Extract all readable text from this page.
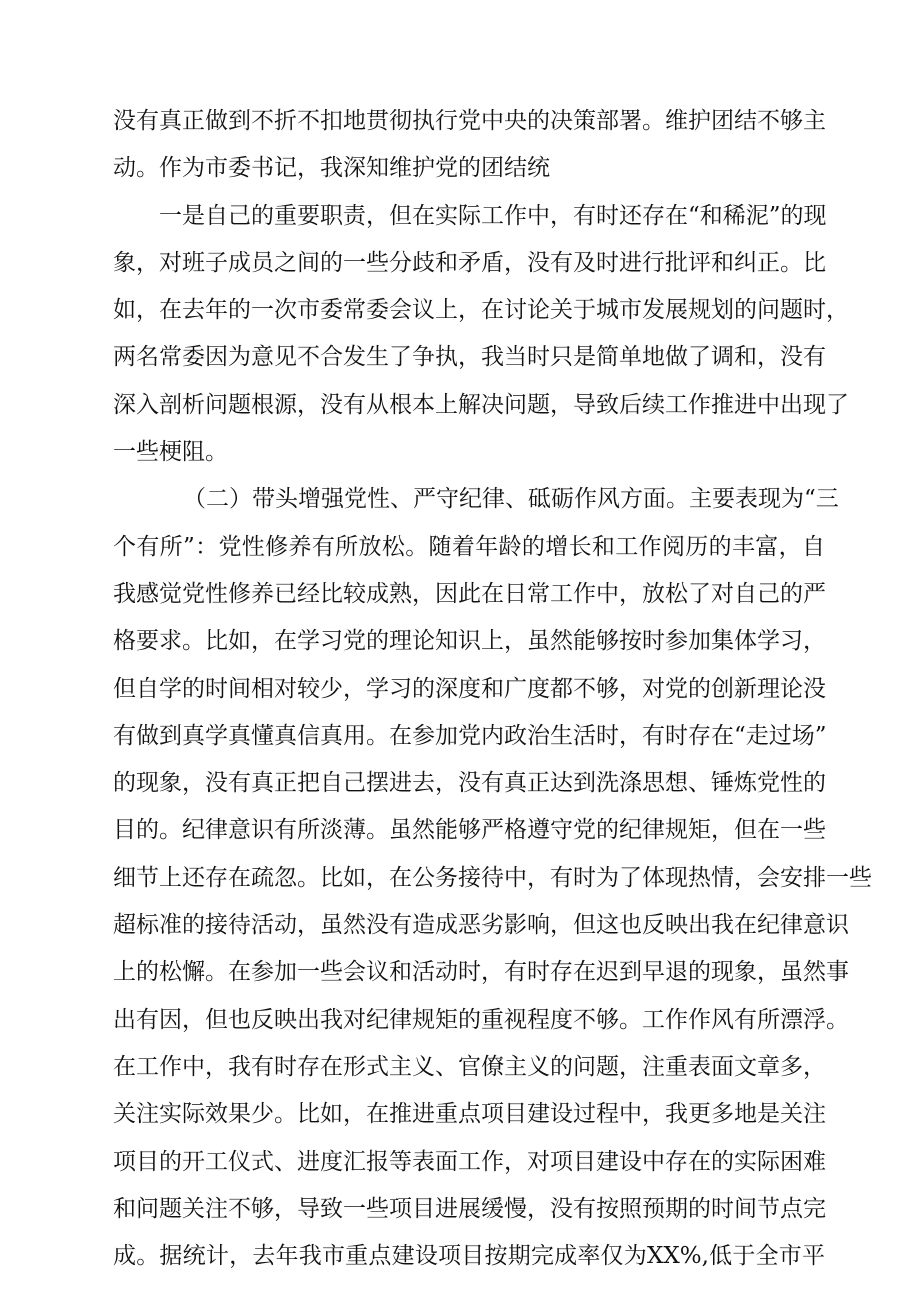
没有真正做到不折不扣地贯彻执行党中央的决策部署。维护团结不够主
动。作为市委书记，我深知维护党的团结统
一是自己的重要职责，但在实际工作中，有时还存在“和稀泥”的现
象，对班子成员之间的一些分歧和矛盾，没有及时进行批评和纠正。比
如，在去年的一次市委常委会议上，在讨论关于城市发展规划的问题时，
两名常委因为意见不合发生了争执，我当时只是简单地做了调和，没有
深入剖析问题根源，没有从根本上解决问题，导致后续工作推进中出现了
一些梗阻。
（二）带头增强党性、严守纪律、砥砺作风方面。主要表现为“三
个有所”：党性修养有所放松。随着年龄的增长和工作阅历的丰富，自
我感觉党性修养已经比较成熟，因此在日常工作中，放松了对自己的严
格要求。比如，在学习党的理论知识上，虽然能够按时参加集体学习，
但自学的时间相对较少，学习的深度和广度都不够，对党的创新理论没
有做到真学真懂真信真用。在参加党内政治生活时，有时存在“走过场”
的现象，没有真正把自己摆进去，没有真正达到洗涤思想、锤炼党性的
目的。纪律意识有所淡薄。虽然能够严格遵守党的纪律规矩，但在一些
细节上还存在疏忽。比如，在公务接待中，有时为了体现热情，会安排一些
超标准的接待活动，虽然没有造成恶劣影响，但这也反映出我在纪律意识
上的松懈。在参加一些会议和活动时，有时存在迟到早退的现象，虽然事
出有因，但也反映出我对纪律规矩的重视程度不够。工作作风有所漂浮。
在工作中，我有时存在形式主义、官僚主义的问题，注重表面文章多，
关注实际效果少。比如，在推进重点项目建设过程中，我更多地是关注
项目的开工仪式、进度汇报等表面工作，对项目建设中存在的实际困难
和问题关注不够，导致一些项目进展缓慢，没有按照预期的时间节点完
成。据统计，去年我市重点建设项目按期完成率仅为XX%,低于全市平
